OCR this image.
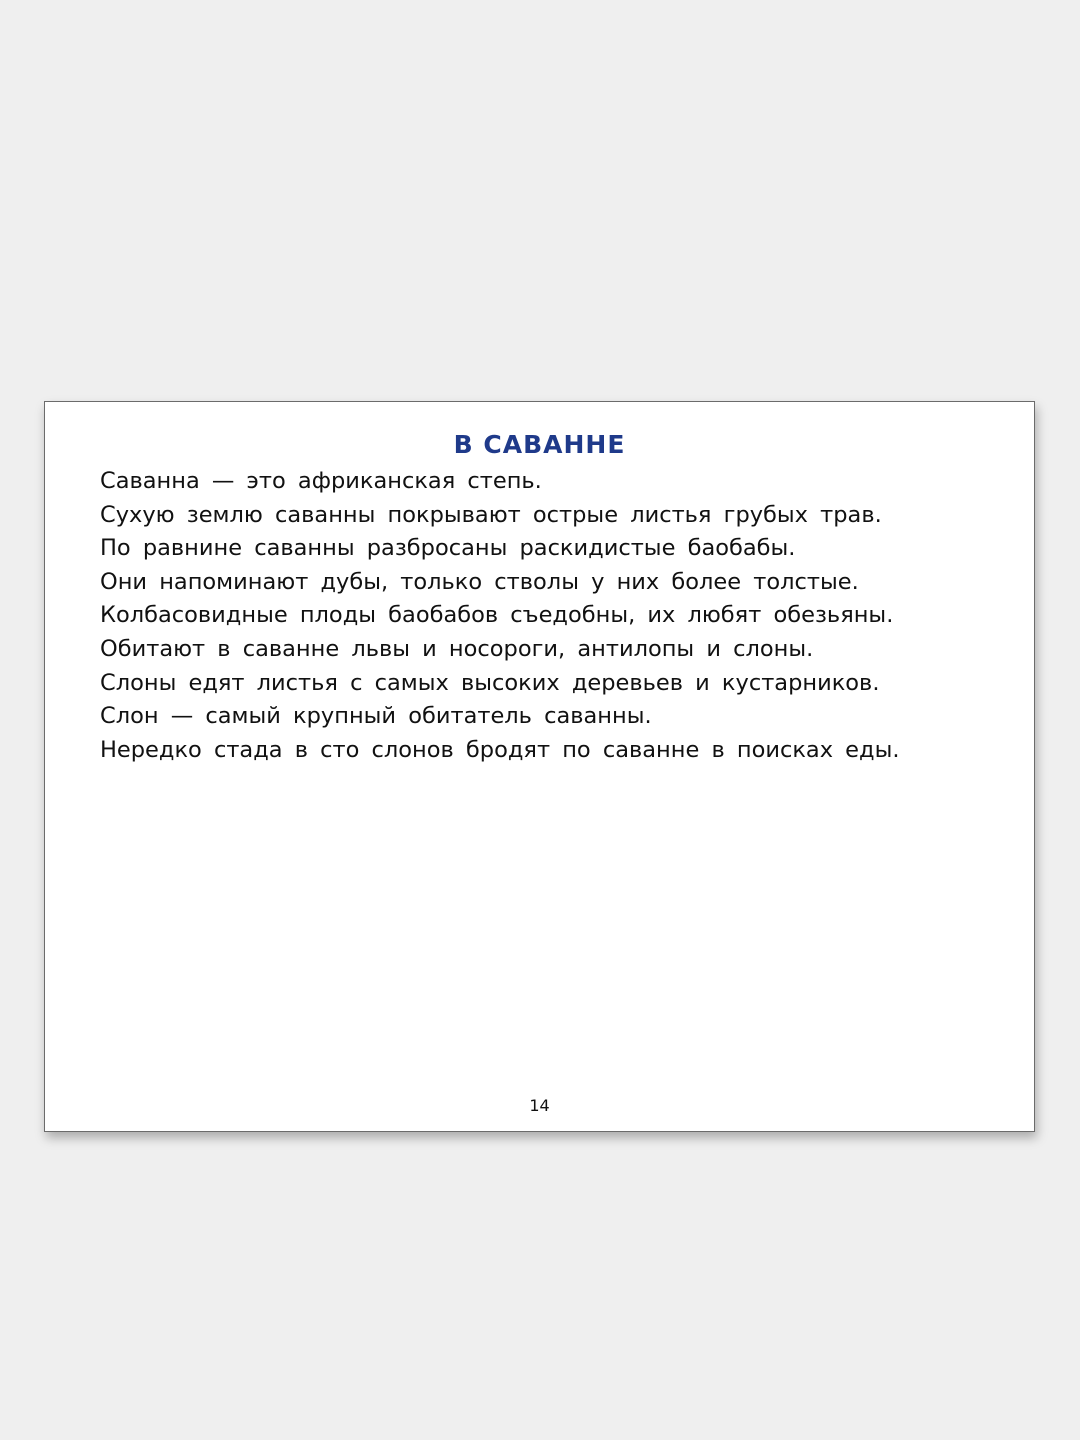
В САВАННЕ
Саванна — это африканская степь.
Сухую землю саванны покрывают острые листья грубых трав.
По равнине саванны разбросаны раскидистые баобабы.
Они напоминают дубы, только стволы у них более толстые.
Колбасовидные плоды баобабов съедобны, их любят обезьяны.
Обитают в саванне львы и носороги, антилопы и слоны.
Слоны едят листья с самых высоких деревьев и кустарников.
Слон — самый крупный обитатель саванны.
Нередко стада в сто слонов бродят по саванне в поисках еды.
14
